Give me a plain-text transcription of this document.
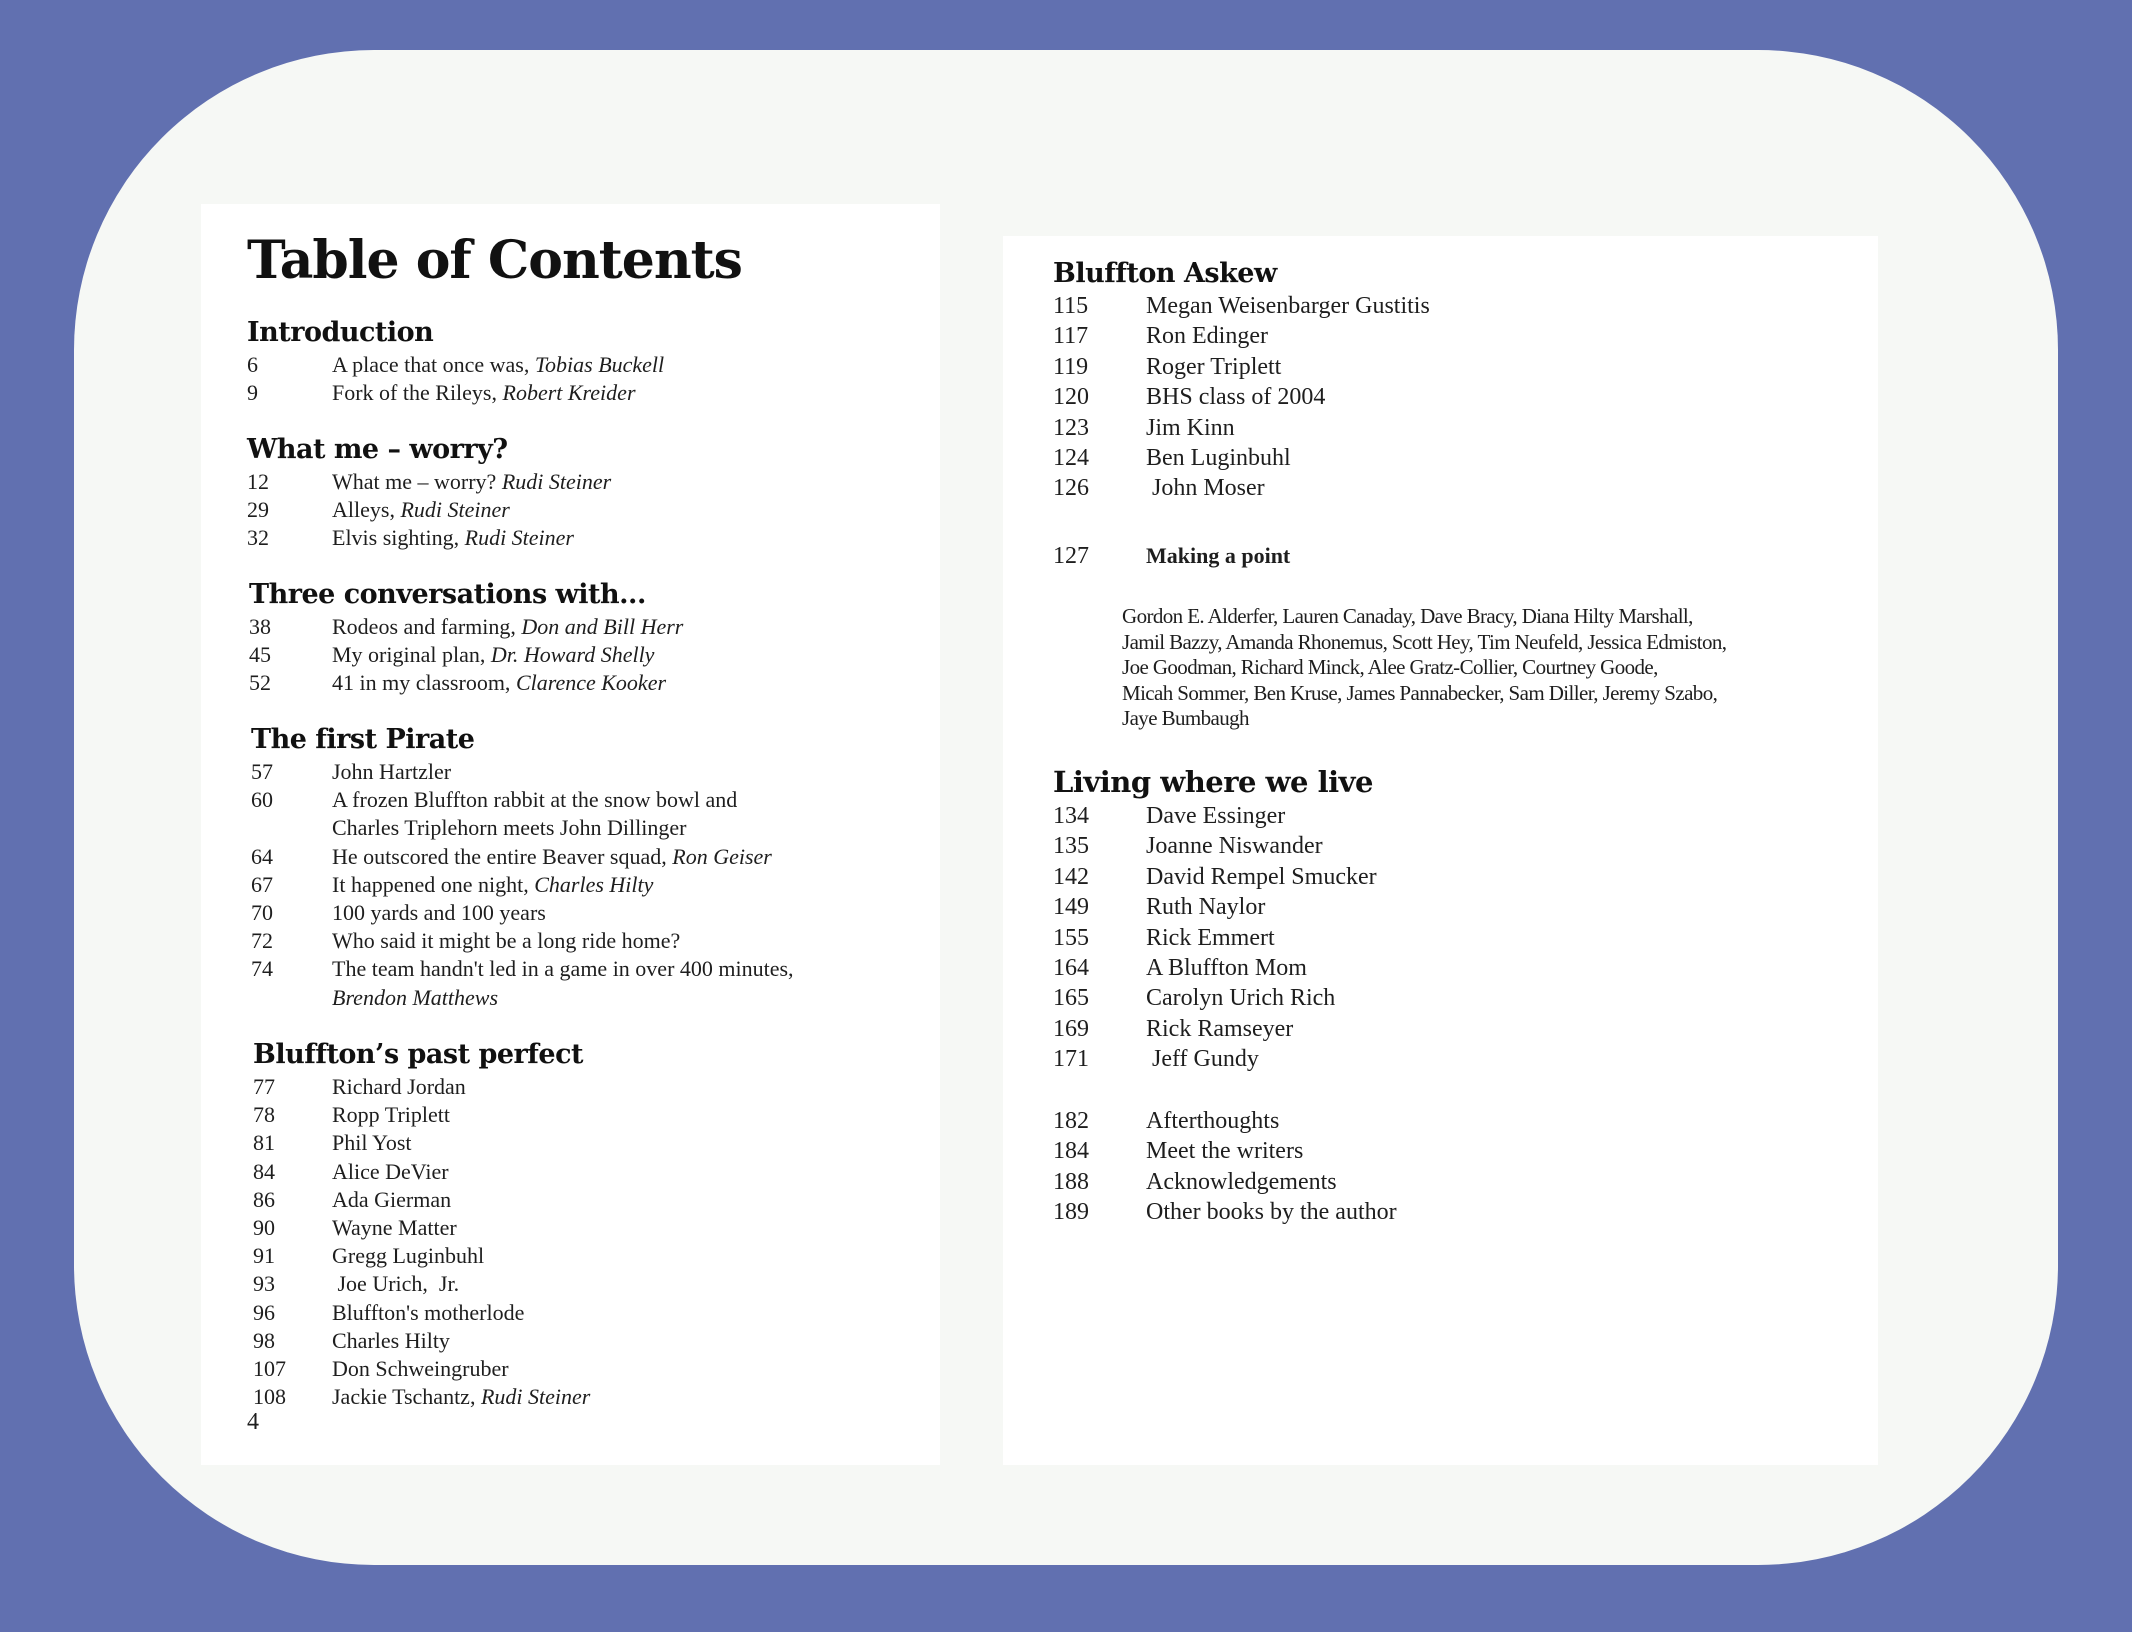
Table of Contents
Introduction
6	A place that once was, Tobias Buckell
9	Fork of the Rileys, Robert Kreider
What me – worry?
12	What me – worry? Rudi Steiner
29	Alleys, Rudi Steiner
32	Elvis sighting, Rudi Steiner
Three conversations with...
38	Rodeos and farming, Don and Bill Herr
45	My original plan, Dr. Howard Shelly
52	41 in my classroom, Clarence Kooker
The first Pirate
57	John Hartzler
60	A frozen Bluffton rabbit at the snow bowl and
Charles Triplehorn meets John Dillinger
64	He outscored the entire Beaver squad, Ron Geiser
67	It happened one night, Charles Hilty
70	100 yards and 100 years
72	Who said it might be a long ride home?
74	The team handn't led in a game in over 400 minutes,
Brendon Matthews
Bluffton’s past perfect
77	Richard Jordan
78	Ropp Triplett
81	Phil Yost
84	Alice DeVier
86	Ada Gierman
90	Wayne Matter
91	Gregg Luginbuhl
93	Joe Urich,  Jr.
96	Bluffton's motherlode
98	Charles Hilty
107	Don Schweingruber
108	Jackie Tschantz, Rudi Steiner
4
Bluffton Askew
115	Megan Weisenbarger Gustitis
117	Ron Edinger
119	Roger Triplett
120	BHS class of 2004
123	Jim Kinn
124	Ben Luginbuhl
126	John Moser
127	Making a point
Gordon E. Alderfer, Lauren Canaday, Dave Bracy, Diana Hilty Marshall,
Jamil Bazzy, Amanda Rhonemus, Scott Hey, Tim Neufeld, Jessica Edmiston,
Joe Goodman, Richard Minck, Alee Gratz-Collier, Courtney Goode,
Micah Sommer, Ben Kruse, James Pannabecker, Sam Diller, Jeremy Szabo,
Jaye Bumbaugh
Living where we live
134	Dave Essinger
135	Joanne Niswander
142	David Rempel Smucker
149	Ruth Naylor
155	Rick Emmert
164	A Bluffton Mom
165	Carolyn Urich Rich
169	Rick Ramseyer
171	Jeff Gundy
182	Afterthoughts
184	Meet the writers
188	Acknowledgements
189	Other books by the author
